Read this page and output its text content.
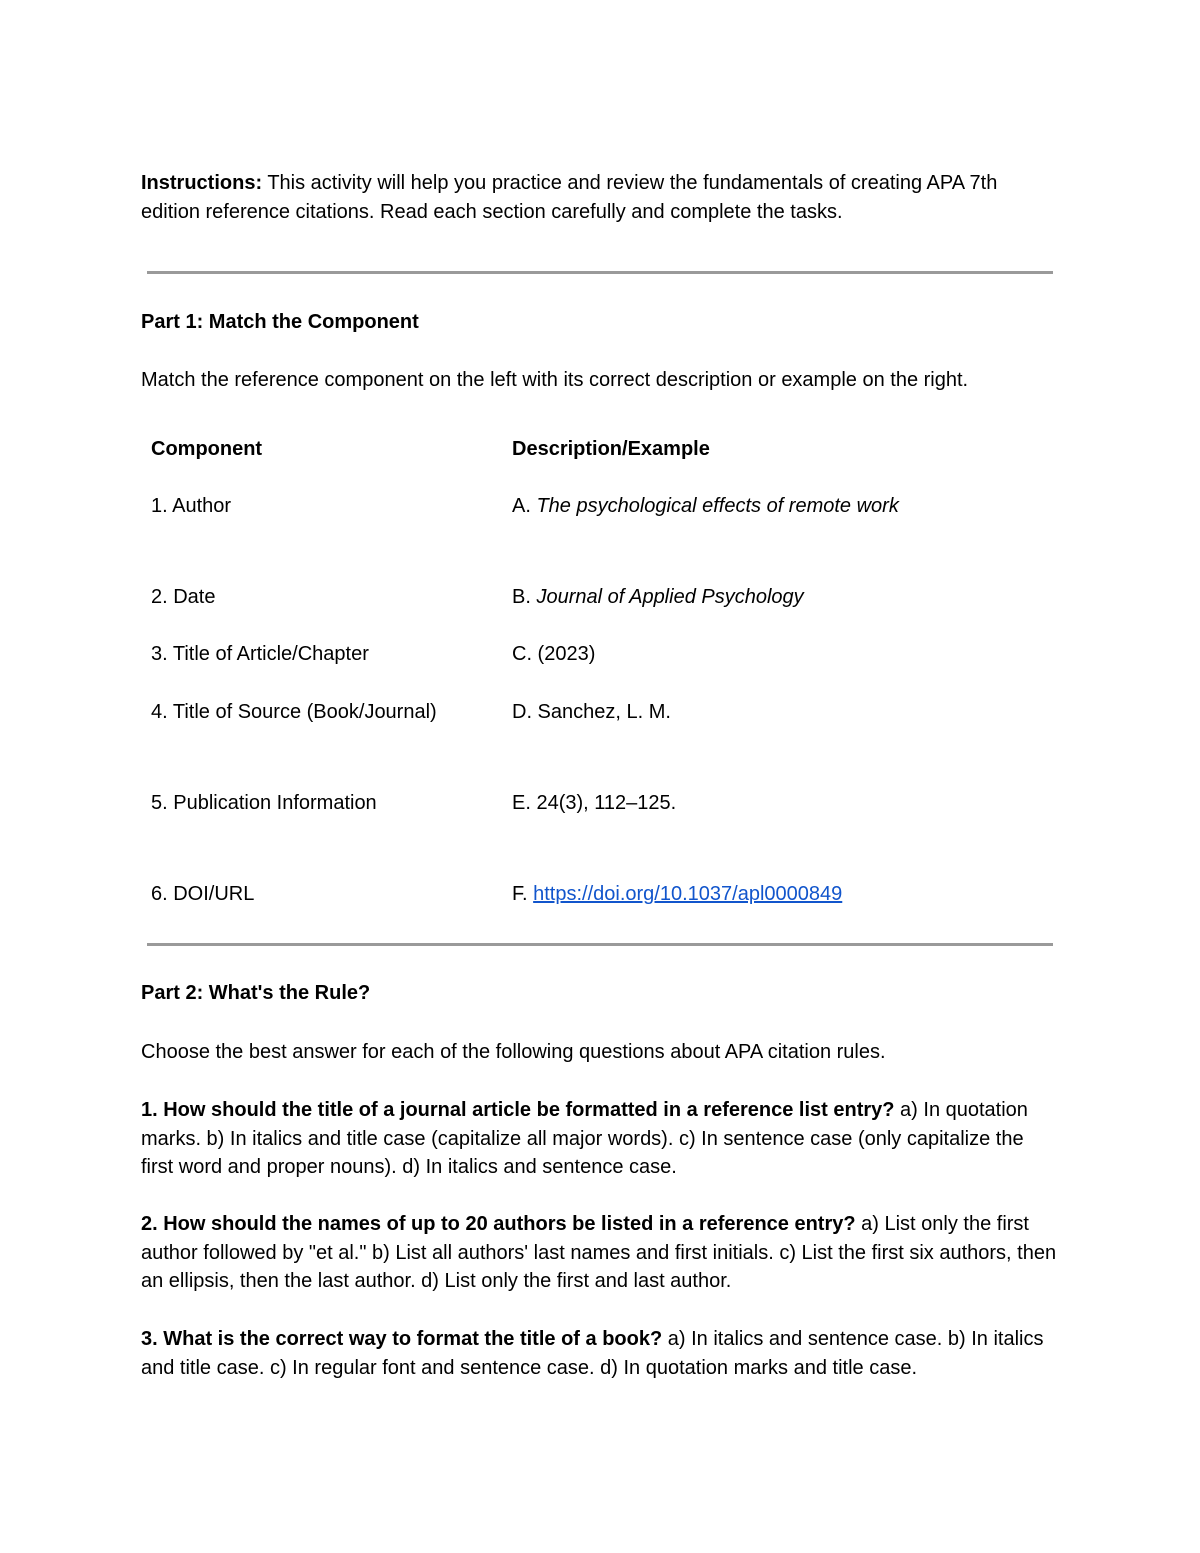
Instructions: This activity will help you practice and review the fundamentals of creating APA 7th edition reference citations. Read each section carefully and complete the tasks.

Part 1: Match the Component

Match the reference component on the left with its correct description or example on the right.

Component	Description/Example
1. Author	A. The psychological effects of remote work
2. Date	B. Journal of Applied Psychology
3. Title of Article/Chapter	C. (2023)
4. Title of Source (Book/Journal)	D. Sanchez, L. M.
5. Publication Information	E. 24(3), 112–125.
6. DOI/URL	F. https://doi.org/10.1037/apl0000849

Part 2: What's the Rule?

Choose the best answer for each of the following questions about APA citation rules.

1. How should the title of a journal article be formatted in a reference list entry? a) In quotation marks. b) In italics and title case (capitalize all major words). c) In sentence case (only capitalize the first word and proper nouns). d) In italics and sentence case.

2. How should the names of up to 20 authors be listed in a reference entry? a) List only the first author followed by "et al." b) List all authors' last names and first initials. c) List the first six authors, then an ellipsis, then the last author. d) List only the first and last author.

3. What is the correct way to format the title of a book? a) In italics and sentence case. b) In italics and title case. c) In regular font and sentence case. d) In quotation marks and title case.
